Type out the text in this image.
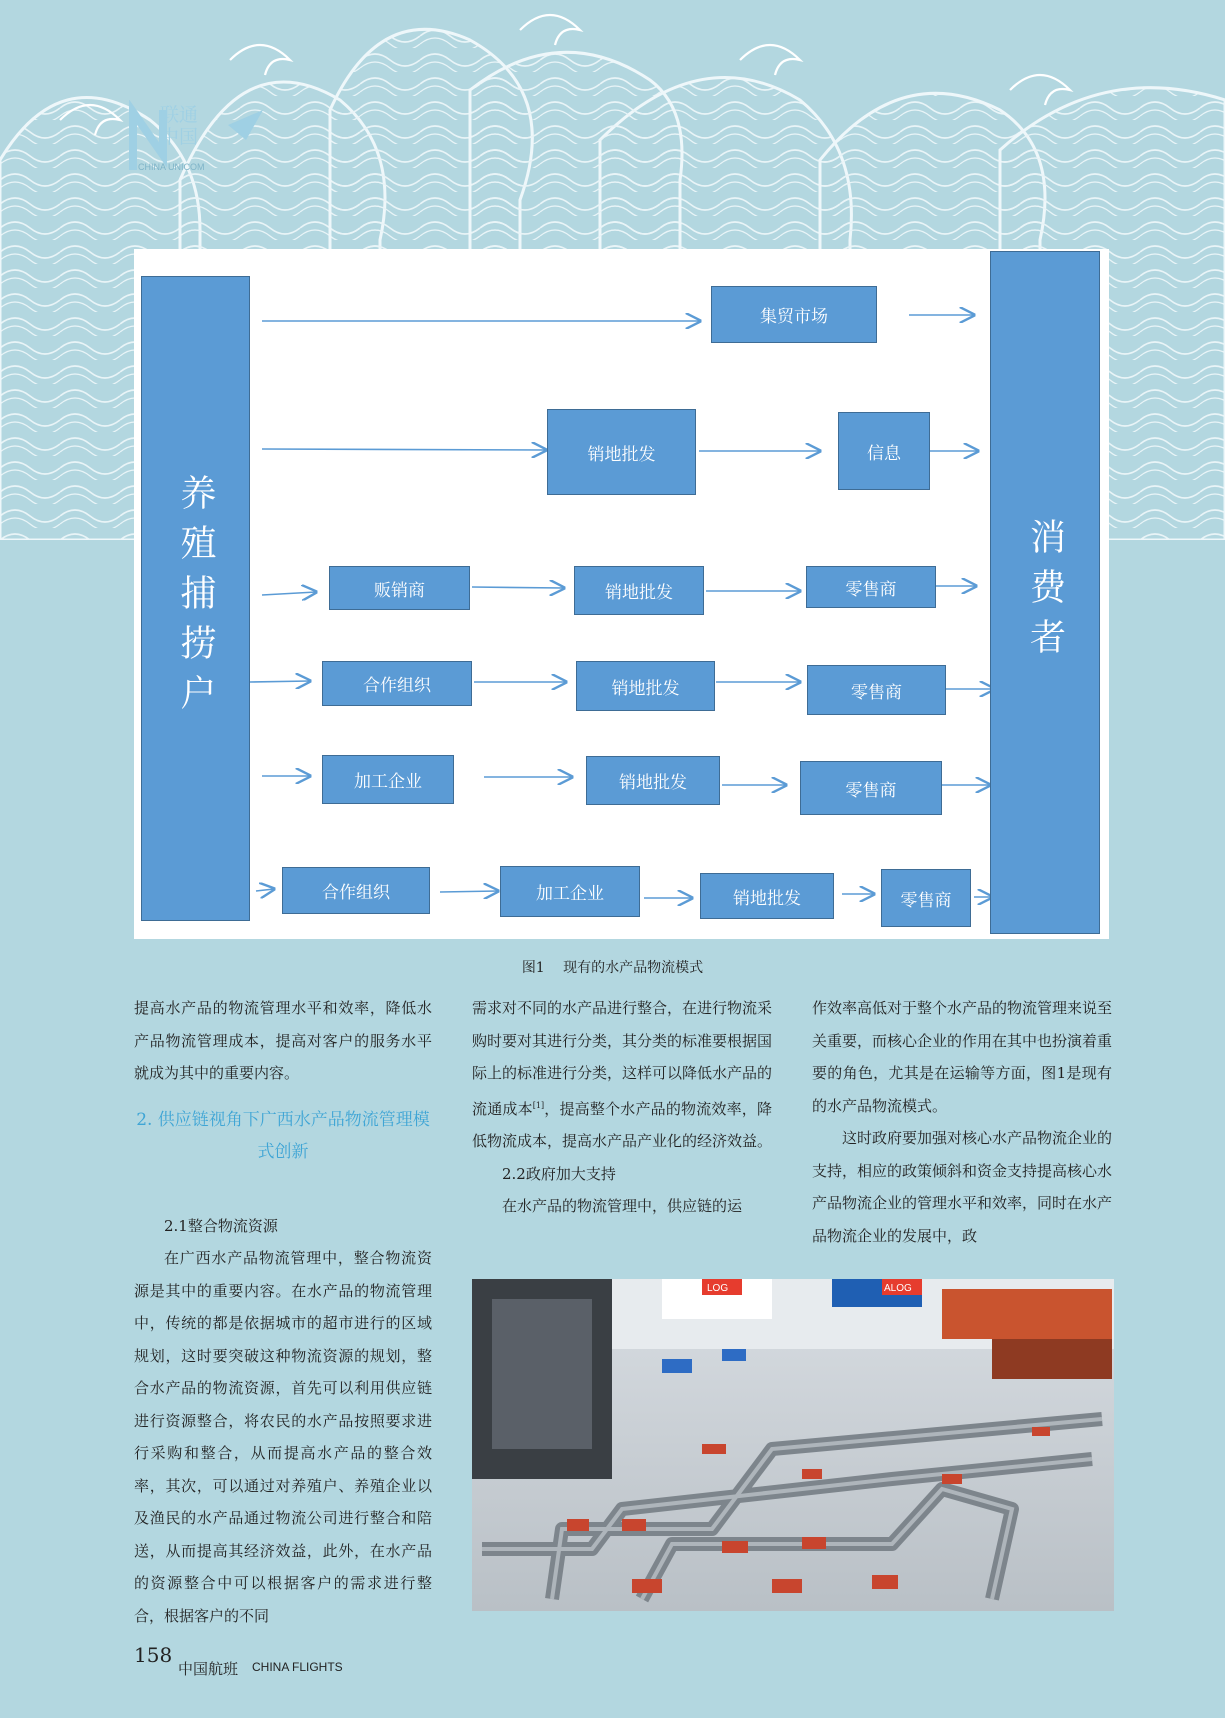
联通
中国
CHINA UNICOM
养殖捕捞户	消费者
集贸市场
销地批发	信息
贩销商	销地批发	零售商
合作组织	销地批发	零售商
加工企业	销地批发	零售商
合作组织	加工企业	销地批发	零售商
图1　 现有的水产品物流模式

提高水产品的物流管理水平和效率，降低水产品物流管理成本，提高对客户的服务水平就成为其中的重要内容。

2. 供应链视角下广西水产品物流管理模式创新

2.1整合物流资源

在广西水产品物流管理中，整合物流资源是其中的重要内容。在水产品的物流管理中，传统的都是依据城市的超市进行的区域规划，这时要突破这种物流资源的规划，整合水产品的物流资源，首先可以利用供应链进行资源整合，将农民的水产品按照要求进行采购和整合，从而提高水产品的整合效率，其次，可以通过对养殖户、养殖企业以及渔民的水产品通过物流公司进行整合和陪送，从而提高其经济效益，此外，在水产品的资源整合中可以根据客户的需求进行整合，根据客户的不同

需求对不同的水产品进行整合，在进行物流采购时要对其进行分类，其分类的标准要根据国际上的标准进行分类，这样可以降低水产品的流通成本[1]，提高整个水产品的物流效率，降低物流成本，提高水产品产业化的经济效益。

2.2政府加大支持

在水产品的物流管理中，供应链的运

作效率高低对于整个水产品的物流管理来说至关重要，而核心企业的作用在其中也扮演着重要的角色，尤其是在运输等方面，图1是现有的水产品物流模式。

这时政府要加强对核心水产品物流企业的支持，相应的政策倾斜和资金支持提高核心水产品物流企业的管理水平和效率，同时在水产品物流企业的发展中，政

LOG	ALOG
158
中国航班 CHINA FLIGHTS
